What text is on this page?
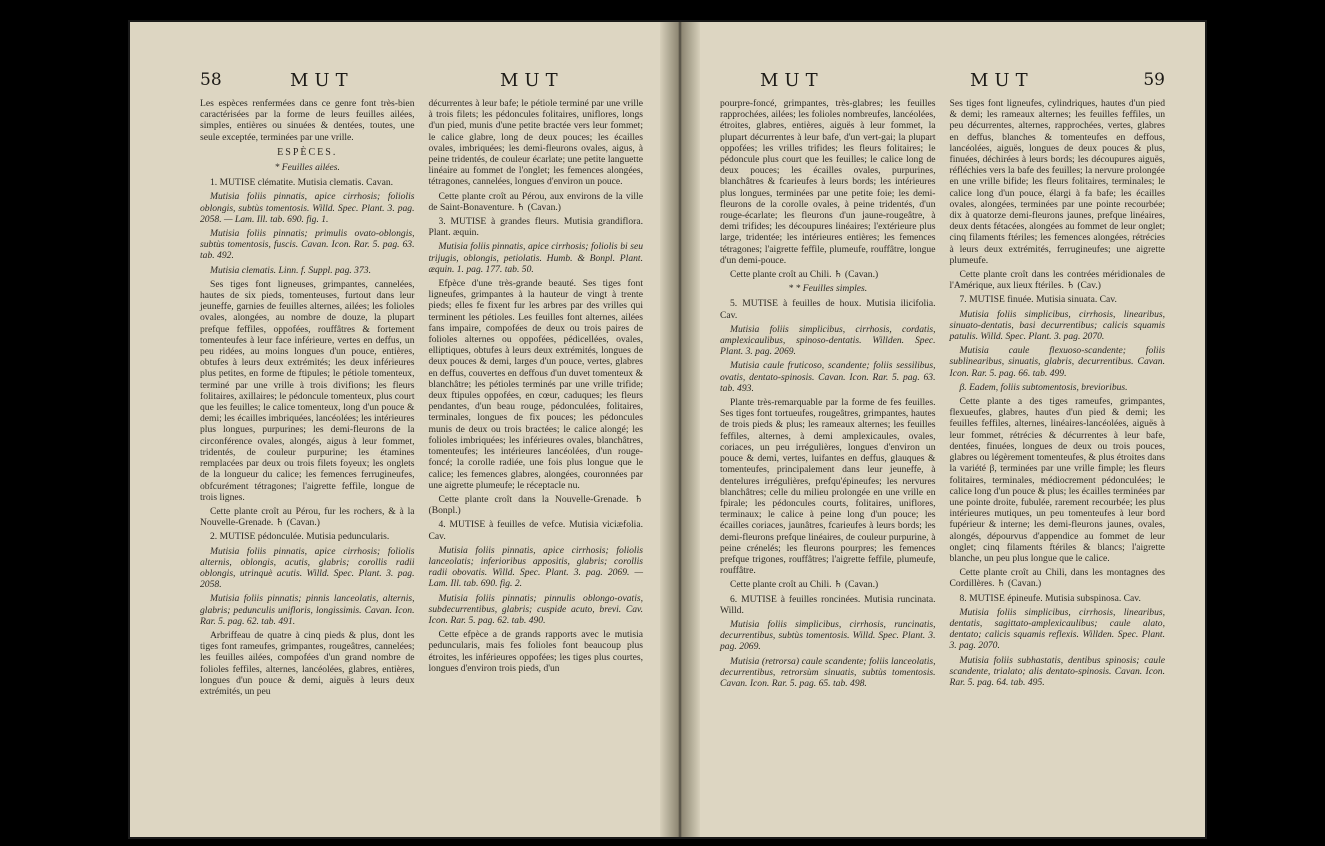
58	MUT	MUT

Les espèces renfermées dans ce genre font très-bien caractérisées par la forme de leurs feuilles ailées, simples, entières ou sinuées & dentées, toutes, une seule exceptée, terminées par une vrille.

ESPÈCES.

* Feuilles ailées.

1. MUTISE clématite. Mutisia clematis. Cavan.

Mutisia foliis pinnatis, apice cirrhosis; foliolis oblongis, subtùs tomentosis. Willd. Spec. Plant. 3. pag. 2058. — Lam. Ill. tab. 690. fig. 1.

Mutisia foliis pinnatis; primulis ovato-oblongis, subtùs tomentosis, fuscis. Cavan. Icon. Rar. 5. pag. 63. tab. 492.

Mutisia clematis. Linn. f. Suppl. pag. 373.

Ses tiges font ligneuses, grimpantes, cannelées, hautes de six pieds, tomenteuses, furtout dans leur jeuneffe, garnies de feuilles alternes, ailées; les folioles ovales, alongées, au nombre de douze, la plupart prefque feffiles, oppofées, rouffâtres & fortement tomenteufes à leur face inférieure, vertes en deffus, un peu ridées, au moins longues d'un pouce, entières, obtufes à leurs deux extrémités; les deux inférieures plus petites, en forme de ftipules; le pétiole tomenteux, terminé par une vrille à trois divifions; les fleurs folitaires, axillaires; le pédoncule tomenteux, plus court que les feuilles; le calice tomenteux, long d'un pouce & demi; les écailles imbriquées, lancéolées; les intérieures plus longues, purpurines; les demi-fleurons de la circonférence ovales, alongés, aigus à leur fommet, tridentés, de couleur purpurine; les étamines remplacées par deux ou trois filets foyeux; les onglets de la longueur du calice; les femences ferrugineufes, obfcurément tétragones; l'aigrette feffile, longue de trois lignes.

Cette plante croît au Pérou, fur les rochers, & à la Nouvelle-Grenade. ♄ (Cavan.)

2. MUTISE pédonculée. Mutisia peduncularis.

Mutisia foliis pinnatis, apice cirrhosis; foliolis alternis, oblongis, acutis, glabris; corollis radii oblongis, utrinquè acutis. Willd. Spec. Plant. 3. pag. 2058.

Mutisia foliis pinnatis; pinnis lanceolatis, alternis, glabris; pedunculis unifloris, longissimis. Cavan. Icon. Rar. 5. pag. 62. tab. 491.

Arbriffeau de quatre à cinq pieds & plus, dont les tiges font rameufes, grimpantes, rougeâtres, cannelées; les feuilles ailées, compofées d'un grand nombre de folioles feffiles, alternes, lancéolées, glabres, entières, longues d'un pouce & demi, aiguës à leurs deux extrémités, un peu

décurrentes à leur bafe; le pétiole terminé par une vrille à trois filets; les pédoncules folitaires, uniflores, longs d'un pied, munis d'une petite bractée vers leur fommet; le calice glabre, long de deux pouces; les écailles ovales, imbriquées; les demi-fleurons ovales, aigus, à peine tridentés, de couleur écarlate; une petite languette linéaire au fommet de l'onglet; les femences alongées, tétragones, cannelées, longues d'environ un pouce.

Cette plante croît au Pérou, aux environs de la ville de Saint-Bonaventure. ♄ (Cavan.)

3. MUTISE à grandes fleurs. Mutisia grandiflora. Plant. æquin.

Mutisia foliis pinnatis, apice cirrhosis; foliolis bi seu trijugis, oblongis, petiolatis. Humb. & Bonpl. Plant. æquin. 1. pag. 177. tab. 50.

Efpèce d'une très-grande beauté. Ses tiges font ligneufes, grimpantes à la hauteur de vingt à trente pieds; elles fe fixent fur les arbres par des vrilles qui terminent les pétioles. Les feuilles font alternes, ailées fans impaire, compofées de deux ou trois paires de folioles alternes ou oppofées, pédicellées, ovales, elliptiques, obtufes à leurs deux extrémités, longues de deux pouces & demi, larges d'un pouce, vertes, glabres en deffus, couvertes en deffous d'un duvet tomenteux & blanchâtre; les pétioles terminés par une vrille trifide; deux ftipules oppofées, en cœur, caduques; les fleurs pendantes, d'un beau rouge, pédonculées, folitaires, terminales, longues de fix pouces; les pédoncules munis de deux ou trois bractées; le calice alongé; les folioles imbriquées; les inférieures ovales, blanchâtres, tomenteufes; les intérieures lancéolées, d'un rouge-foncé; la corolle radiée, une fois plus longue que le calice; les femences glabres, alongées, couronnées par une aigrette plumeufe; le réceptacle nu.

Cette plante croît dans la Nouvelle-Grenade. ♄ (Bonpl.)

4. MUTISE à feuilles de vefce. Mutisia viciæfolia. Cav.

Mutisia foliis pinnatis, apice cirrhosis; foliolis lanceolatis; inferioribus appositis, glabris; corollis radii obovatis. Willd. Spec. Plant. 3. pag. 2069. — Lam. Ill. tab. 690. fig. 2.

Mutisia foliis pinnatis; pinnulis oblongo-ovatis, subdecurrentibus, glabris; cuspide acuto, brevi. Cav. Icon. Rar. 5. pag. 62. tab. 490.

Cette efpèce a de grands rapports avec le mutisia peduncularis, mais fes folioles font beaucoup plus étroites, les inférieures oppofées; les tiges plus courtes, longues d'environ trois pieds, d'un

MUT	MUT	59

pourpre-foncé, grimpantes, très-glabres; les feuilles rapprochées, ailées; les folioles nombreufes, lancéolées, étroites, glabres, entières, aiguës à leur fommet, la plupart décurrentes à leur bafe, d'un vert-gai; la plupart oppofées; les vrilles trifides; les fleurs folitaires; le pédoncule plus court que les feuilles; le calice long de deux pouces; les écailles ovales, purpurines, blanchâtres & fcarieufes à leurs bords; les intérieures plus longues, terminées par une petite foie; les demi-fleurons de la corolle ovales, à peine tridentés, d'un rouge-écarlate; les fleurons d'un jaune-rougeâtre, à demi trifides; les découpures linéaires; l'extérieure plus large, tridentée; les intérieures entières; les femences tétragones; l'aigrette feffile, plumeufe, rouffâtre, longue d'un demi-pouce.

Cette plante croît au Chili. ♄ (Cavan.)

* * Feuilles simples.

5. MUTISE à feuilles de houx. Mutisia ilicifolia. Cav.

Mutisia foliis simplicibus, cirrhosis, cordatis, amplexicaulibus, spinoso-dentatis. Willden. Spec. Plant. 3. pag. 2069.

Mutisia caule fruticoso, scandente; foliis sessilibus, ovatis, dentato-spinosis. Cavan. Icon. Rar. 5. pag. 63. tab. 493.

Plante très-remarquable par la forme de fes feuilles. Ses tiges font tortueufes, rougeâtres, grimpantes, hautes de trois pieds & plus; les rameaux alternes; les feuilles feffiles, alternes, à demi amplexicaules, ovales, coriaces, un peu irrégulières, longues d'environ un pouce & demi, vertes, luifantes en deffus, glauques & tomenteufes, principalement dans leur jeuneffe, à dentelures irrégulières, prefqu'épineufes; les nervures blanchâtres; celle du milieu prolongée en une vrille en fpirale; les pédoncules courts, folitaires, uniflores, terminaux; le calice à peine long d'un pouce; les écailles coriaces, jaunâtres, fcarieufes à leurs bords; les demi-fleurons prefque linéaires, de couleur purpurine, à peine crénelés; les fleurons pourpres; les femences prefque trigones, rouffâtres; l'aigrette feffile, plumeufe, rouffâtre.

Cette plante croît au Chili. ♄ (Cavan.)

6. MUTISE à feuilles roncinées. Mutisia runcinata. Willd.

Mutisia foliis simplicibus, cirrhosis, runcinatis, decurrentibus, subtùs tomentosis. Willd. Spec. Plant. 3. pag. 2069.

Mutisia (retrorsa) caule scandente; foliis lanceolatis, decurrentibus, retrorsùm sinuatis, subtùs tomentosis. Cavan. Icon. Rar. 5. pag. 65. tab. 498.

Ses tiges font ligneufes, cylindriques, hautes d'un pied & demi; les rameaux alternes; les feuilles feffiles, un peu décurrentes, alternes, rapprochées, vertes, glabres en deffus, blanches & tomenteufes en deffous, lancéolées, aiguës, longues de deux pouces & plus, finuées, déchirées à leurs bords; les découpures aiguës, réfléchies vers la bafe des feuilles; la nervure prolongée en une vrille bifide; les fleurs folitaires, terminales; le calice long d'un pouce, élargi à fa bafe; les écailles ovales, alongées, terminées par une pointe recourbée; dix à quatorze demi-fleurons jaunes, prefque linéaires, deux dents fétacées, alongées au fommet de leur onglet; cinq filaments ftériles; les femences alongées, rétrécies à leurs deux extrémités, ferrugineufes; une aigrette plumeufe.

Cette plante croît dans les contrées méridionales de l'Amérique, aux lieux ftériles. ♄ (Cav.)

7. MUTISE finuée. Mutisia sinuata. Cav.

Mutisia foliis simplicibus, cirrhosis, linearibus, sinuato-dentatis, basi decurrentibus; calicis squamis patulis. Willd. Spec. Plant. 3. pag. 2070.

Mutisia caule flexuoso-scandente; foliis sublinearibus, sinuatis, glabris, decurrentibus. Cavan. Icon. Rar. 5. pag. 66. tab. 499.

β. Eadem, foliis subtomentosis, brevioribus.

Cette plante a des tiges rameufes, grimpantes, flexueufes, glabres, hautes d'un pied & demi; les feuilles feffiles, alternes, linéaires-lancéolées, aiguës à leur fommet, rétrécies & décurrentes à leur bafe, dentées, finuées, longues de deux ou trois pouces, glabres ou légèrement tomenteufes, & plus étroites dans la variété β, terminées par une vrille fimple; les fleurs folitaires, terminales, médiocrement pédonculées; le calice long d'un pouce & plus; les écailles terminées par une pointe droite, fubulée, rarement recourbée; les plus intérieures mutiques, un peu tomenteufes à leur bord fupérieur & interne; les demi-fleurons jaunes, ovales, alongés, dépourvus d'appendice au fommet de leur onglet; cinq filaments ftériles & blancs; l'aigrette blanche, un peu plus longue que le calice.

Cette plante croît au Chili, dans les montagnes des Cordillères. ♄ (Cavan.)

8. MUTISE épineufe. Mutisia subspinosa. Cav.

Mutisia foliis simplicibus, cirrhosis, linearibus, dentatis, sagittato-amplexicaulibus; caule alato, dentato; calicis squamis reflexis. Willden. Spec. Plant. 3. pag. 2070.

Mutisia foliis subhastatis, dentibus spinosis; caule scandente, trialato; alis dentato-spinosis. Cavan. Icon. Rar. 5. pag. 64. tab. 495.
